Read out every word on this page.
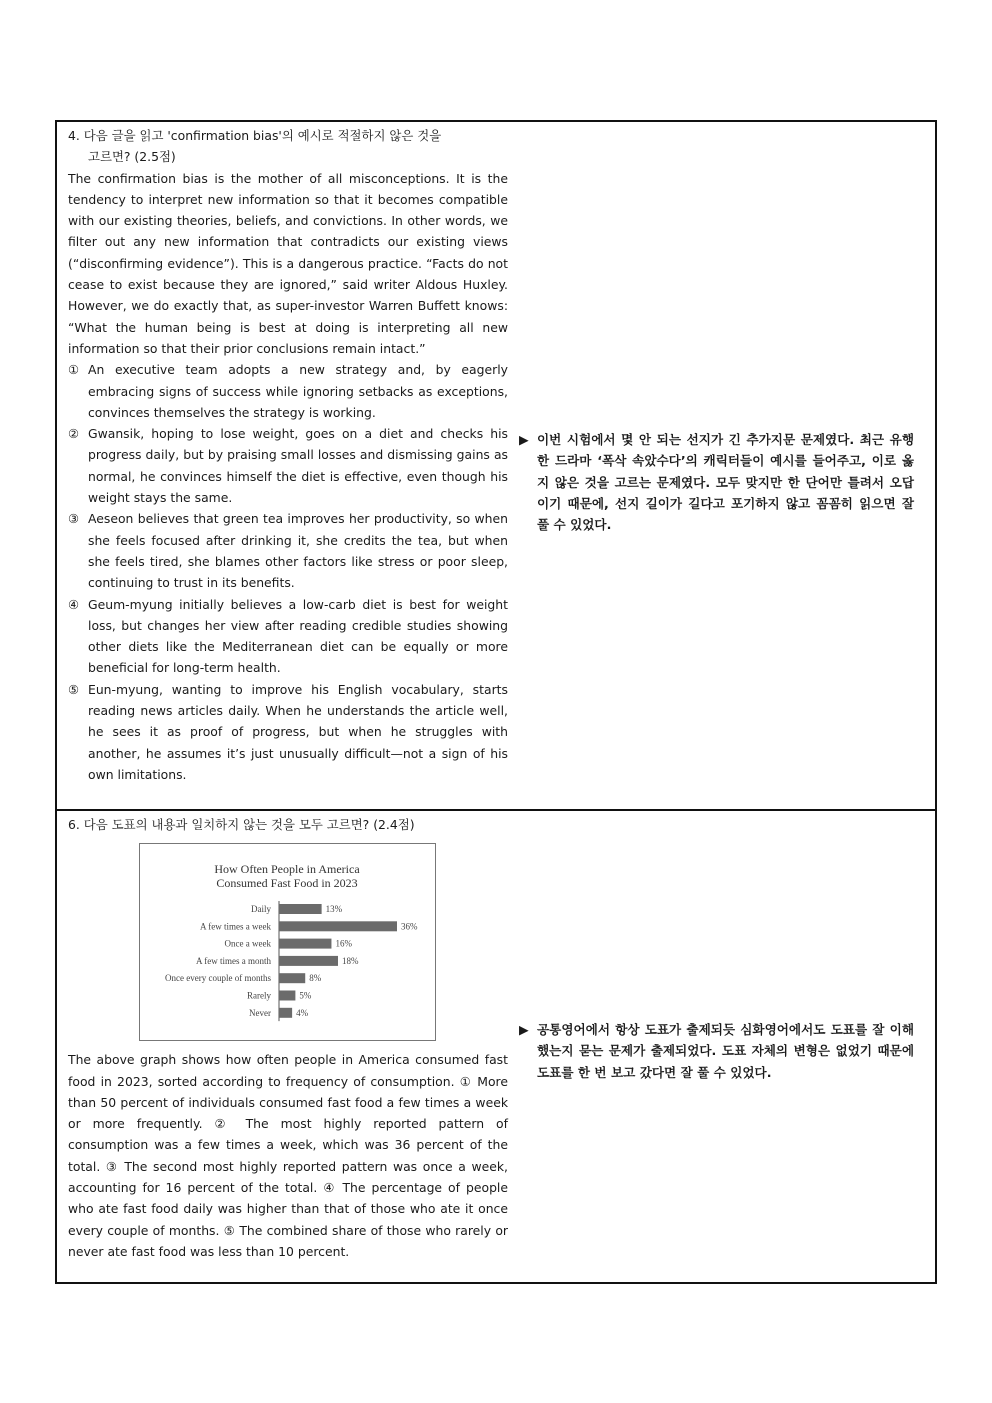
4. 다음 글을 읽고 'confirmation bias'의 예시로 적절하지 않은 것을
고르면? (2.5점)

The confirmation bias is the mother of all misconceptions. It is the tendency to interpret new information so that it becomes compatible with our existing theories, beliefs, and convictions. In other words, we filter out any new information that contradicts our existing views (“disconfirming evidence”). This is a dangerous practice. “Facts do not cease to exist because they are ignored,” said writer Aldous Huxley. However, we do exactly that, as super-investor Warren Buffett knows: “What the human being is best at doing is interpreting all new information so that their prior conclusions remain intact.”

① An executive team adopts a new strategy and, by eagerly embracing signs of success while ignoring setbacks as exceptions, convinces themselves the strategy is working.
② Gwansik, hoping to lose weight, goes on a diet and checks his progress daily, but by praising small losses and dismissing gains as normal, he convinces himself the diet is effective, even though his weight stays the same.
③ Aeseon believes that green tea improves her productivity, so when she feels focused after drinking it, she credits the tea, but when she feels tired, she blames other factors like stress or poor sleep, continuing to trust in its benefits.
④ Geum-myung initially believes a low-carb diet is best for weight loss, but changes her view after reading credible studies showing other diets like the Mediterranean diet can be equally or more beneficial for long-term health.
⑤ Eun-myung, wanting to improve his English vocabulary, starts reading news articles daily. When he understands the article well, he sees it as proof of progress, but when he struggles with another, he assumes it’s just unusually difficult—not a sign of his own limitations.
▶ 이번 시험에서 몇 안 되는 선지가 긴 추가지문 문제였다. 최근 유행한 드라마 ‘폭삭 속았수다’의 캐릭터들이 예시를 들어주고, 이로 옳지 않은 것을 고르는 문제였다. 모두 맞지만 한 단어만 틀려서 오답이기 때문에, 선지 길이가 길다고 포기하지 않고 꼼꼼히 읽으면 잘 풀 수 있었다.
6. 다음 도표의 내용과 일치하지 않는 것을 모두 고르면? (2.4점)
How Often People in America
Consumed Fast Food in 2023
Daily	13%
A few times a week	36%
Once a week	16%
A few times a month	18%
Once every couple of months	8%
Rarely	5%
Never	4%

The above graph shows how often people in America consumed fast food in 2023, sorted according to frequency of consumption. ① More than 50 percent of individuals consumed fast food a few times a week or more frequently. ② The most highly reported pattern of consumption was a few times a week, which was 36 percent of the total. ③ The second most highly reported pattern was once a week, accounting for 16 percent of the total. ④ The percentage of people who ate fast food daily was higher than that of those who ate it once every couple of months. ⑤ The combined share of those who rarely or never ate fast food was less than 10 percent.

▶ 공통영어에서 항상 도표가 출제되듯 심화영어에서도 도표를 잘 이해했는지 묻는 문제가 출제되었다. 도표 자체의 변형은 없었기 때문에 도표를 한 번 보고 갔다면 잘 풀 수 있었다.
